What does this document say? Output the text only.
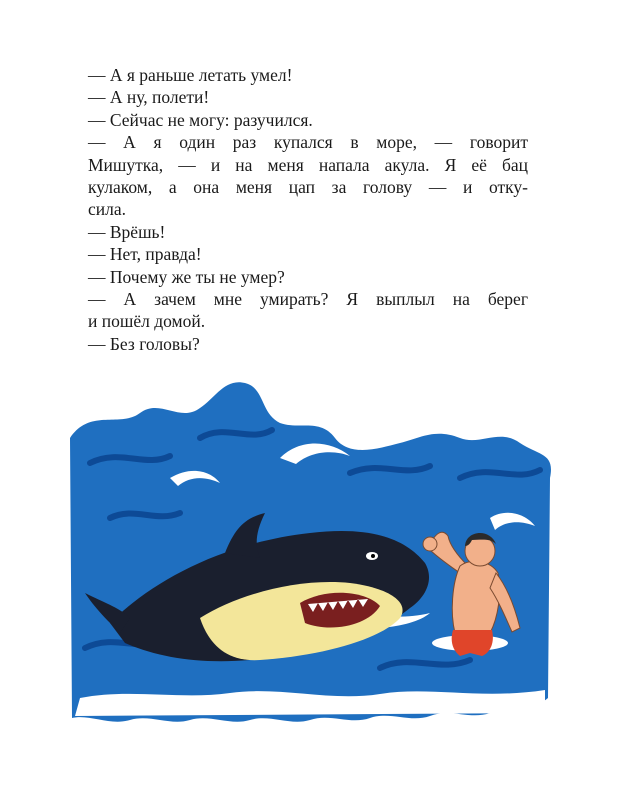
— А я раньше летать умел!

— А ну, полети!

— Сейчас не могу: разучился.

— А я один раз купался в море, — говорит
Мишутка, — и на меня напала акула. Я её бац
кулаком, а она меня цап за голову — и отку-
сила.

— Врёшь!

— Нет, правда!

— Почему же ты не умер?

— А зачем мне умирать? Я выплыл на берег
и пошёл домой.

— Без головы?
